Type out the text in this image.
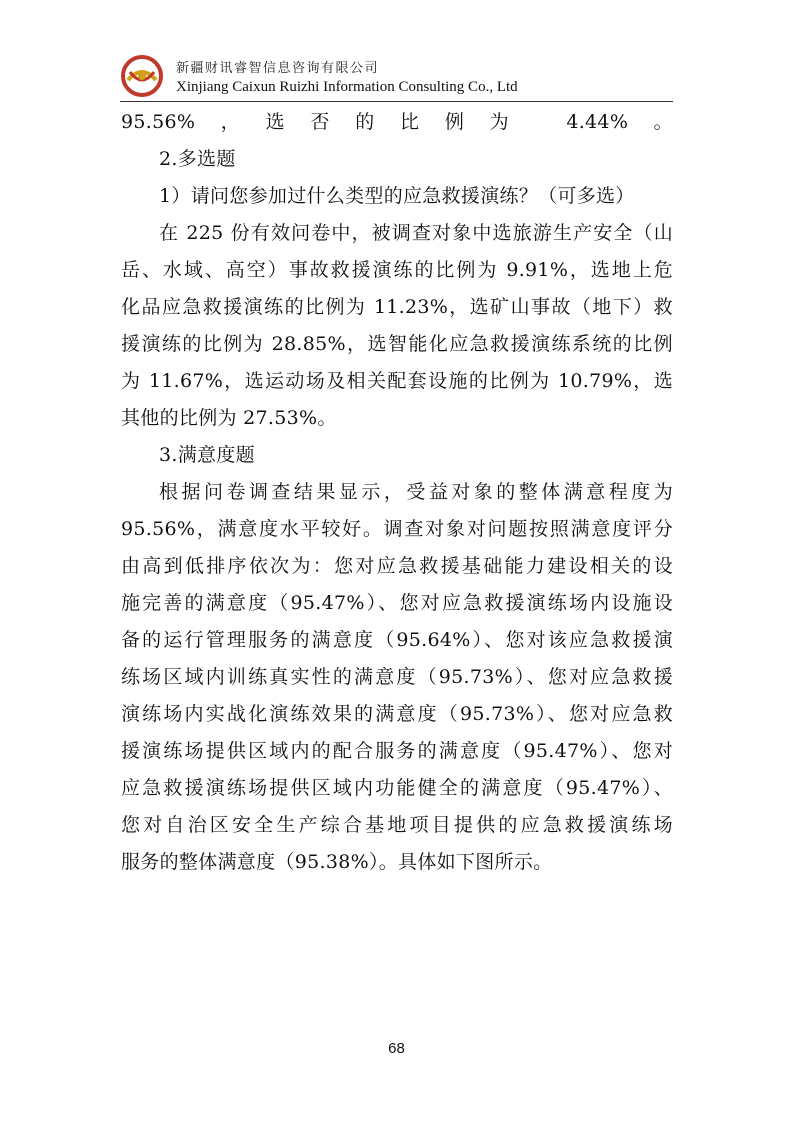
新疆财讯睿智信息咨询有限公司
Xinjiang Caixun Ruizhi Information Consulting Co., Ltd
95.56%，选否的比例为 4.44%。
2.多选题
1）请问您参加过什么类型的应急救援演练？（可多选）
在 225 份有效问卷中，被调查对象中选旅游生产安全（山
岳、水域、高空）事故救援演练的比例为 9.91%，选地上危
化品应急救援演练的比例为 11.23%，选矿山事故（地下）救
援演练的比例为 28.85%，选智能化应急救援演练系统的比例
为 11.67%，选运动场及相关配套设施的比例为 10.79%，选
其他的比例为 27.53%。
3.满意度题
根据问卷调查结果显示，受益对象的整体满意程度为
95.56%，满意度水平较好。调查对象对问题按照满意度评分
由高到低排序依次为：您对应急救援基础能力建设相关的设
施完善的满意度（95.47%）、您对应急救援演练场内设施设
备的运行管理服务的满意度（95.64%）、您对该应急救援演
练场区域内训练真实性的满意度（95.73%）、您对应急救援
演练场内实战化演练效果的满意度（95.73%）、您对应急救
援演练场提供区域内的配合服务的满意度（95.47%）、您对
应急救援演练场提供区域内功能健全的满意度（95.47%）、
您对自治区安全生产综合基地项目提供的应急救援演练场
服务的整体满意度（95.38%）。具体如下图所示。
68
